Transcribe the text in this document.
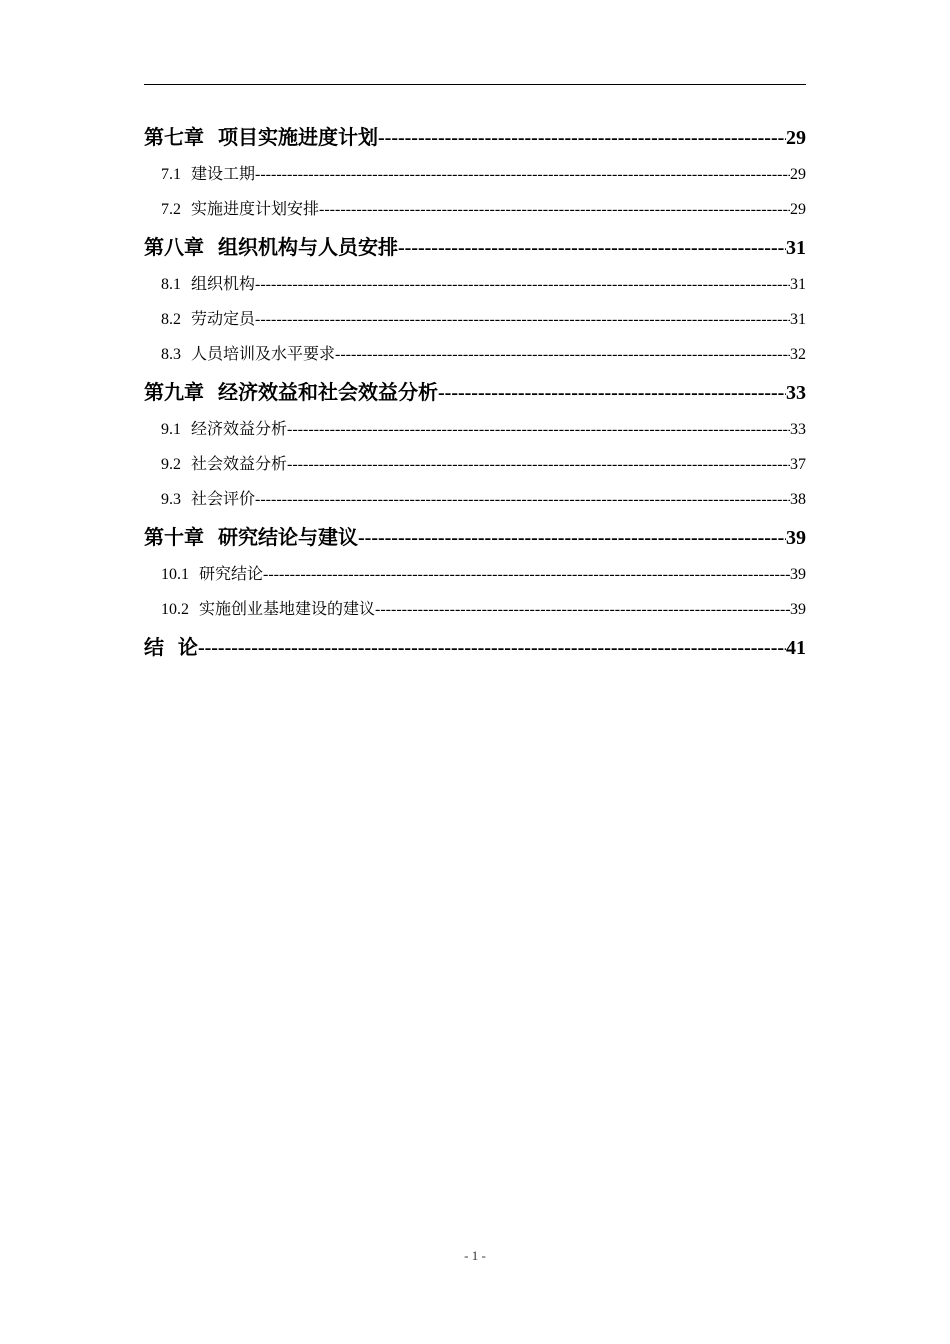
第七章 项目实施进度计划 -----	29
7.1 建设工期 -----	29
7.2 实施进度计划安排 -----	29
第八章 组织机构与人员安排 -----	31
8.1 组织机构 -----	31
8.2 劳动定员 -----	31
8.3 人员培训及水平要求 -----	32
第九章 经济效益和社会效益分析 -----	33
9.1 经济效益分析 -----	33
9.2 社会效益分析 -----	37
9.3 社会评价 -----	38
第十章 研究结论与建议 -----	39
10.1 研究结论 -----	39
10.2 实施创业基地建设的建议 -----	39
结  论 -----	41
- 1 -
